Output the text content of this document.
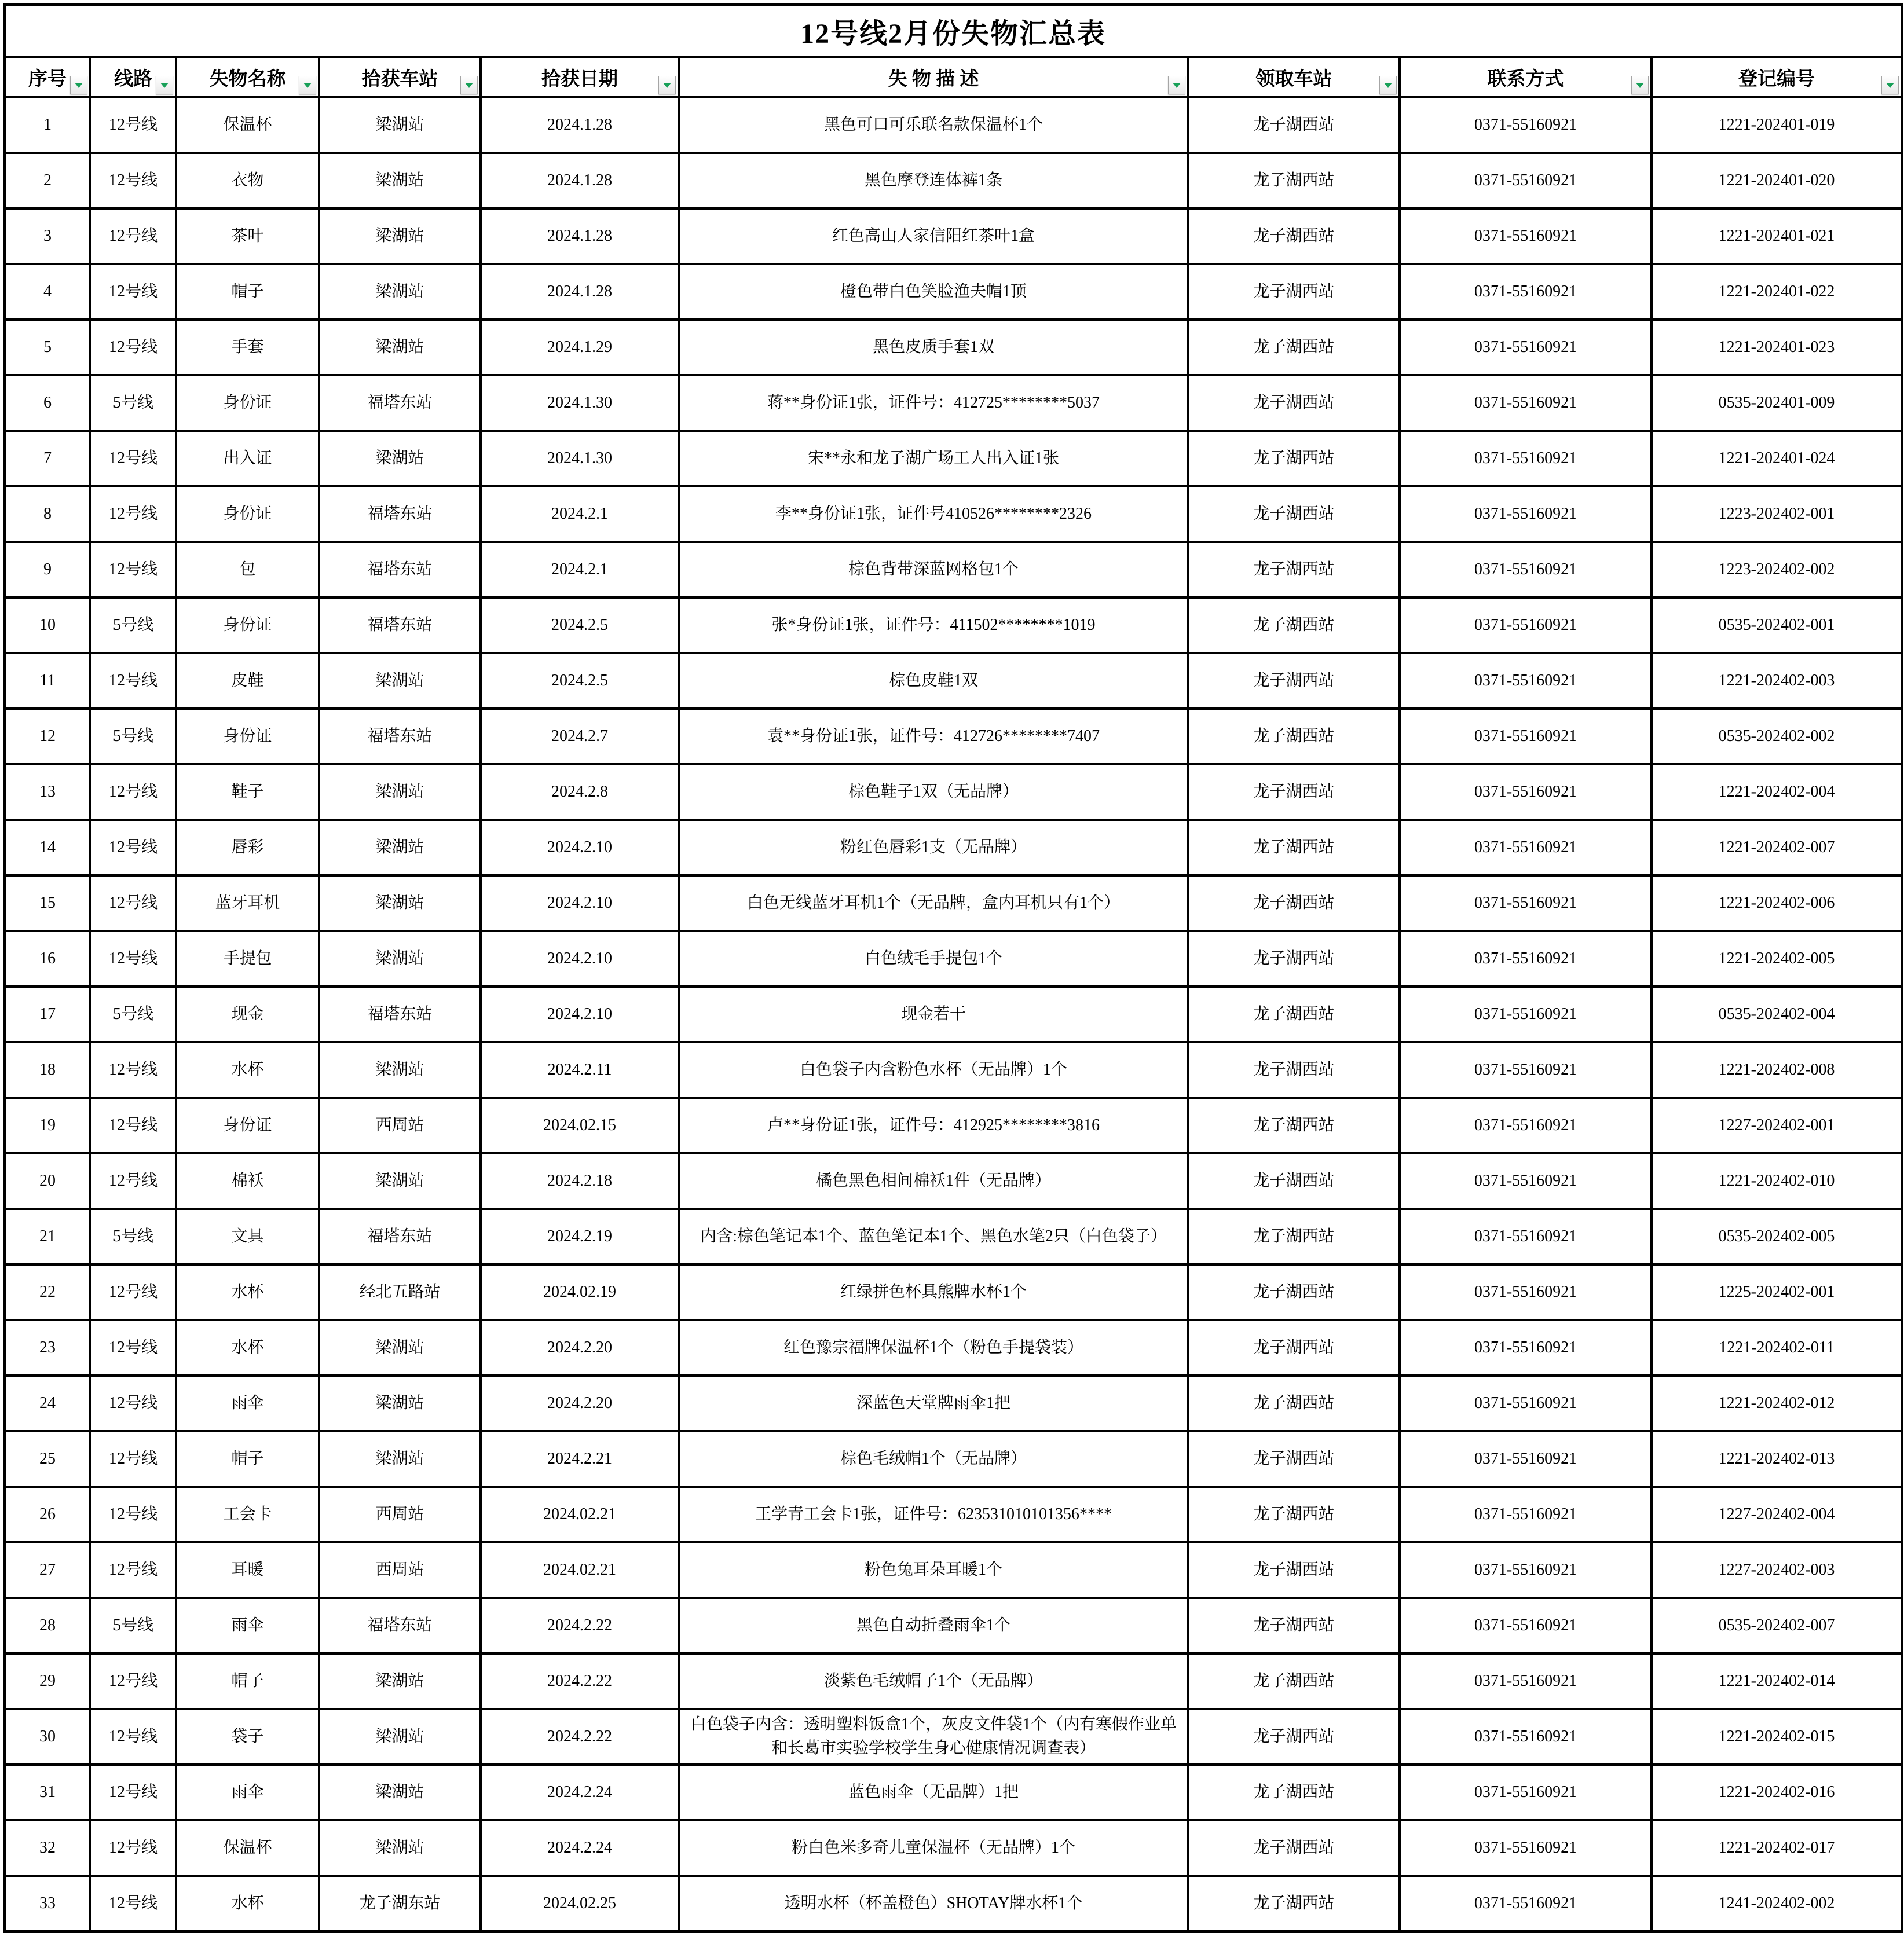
12号线2月份失物汇总表								
序号	线路	失物名称	拾获车站	拾获日期	失 物 描 述	领取车站	联系方式	登记编号

1	12号线	保温杯	梁湖站	2024.1.28	黑色可口可乐联名款保温杯1个	龙子湖西站	0371-55160921	1221-202401-019
2	12号线	衣物	梁湖站	2024.1.28	黑色摩登连体裤1条	龙子湖西站	0371-55160921	1221-202401-020
3	12号线	茶叶	梁湖站	2024.1.28	红色高山人家信阳红茶叶1盒	龙子湖西站	0371-55160921	1221-202401-021
4	12号线	帽子	梁湖站	2024.1.28	橙色带白色笑脸渔夫帽1顶	龙子湖西站	0371-55160921	1221-202401-022
5	12号线	手套	梁湖站	2024.1.29	黑色皮质手套1双	龙子湖西站	0371-55160921	1221-202401-023
6	5号线	身份证	福塔东站	2024.1.30	蒋**身份证1张，证件号：412725********5037	龙子湖西站	0371-55160921	0535-202401-009
7	12号线	出入证	梁湖站	2024.1.30	宋**永和龙子湖广场工人出入证1张	龙子湖西站	0371-55160921	1221-202401-024
8	12号线	身份证	福塔东站	2024.2.1	李**身份证1张，证件号410526********2326	龙子湖西站	0371-55160921	1223-202402-001
9	12号线	包	福塔东站	2024.2.1	棕色背带深蓝网格包1个	龙子湖西站	0371-55160921	1223-202402-002
10	5号线	身份证	福塔东站	2024.2.5	张*身份证1张，证件号：411502********1019	龙子湖西站	0371-55160921	0535-202402-001
11	12号线	皮鞋	梁湖站	2024.2.5	棕色皮鞋1双	龙子湖西站	0371-55160921	1221-202402-003
12	5号线	身份证	福塔东站	2024.2.7	袁**身份证1张，证件号：412726********7407	龙子湖西站	0371-55160921	0535-202402-002
13	12号线	鞋子	梁湖站	2024.2.8	棕色鞋子1双（无品牌）	龙子湖西站	0371-55160921	1221-202402-004
14	12号线	唇彩	梁湖站	2024.2.10	粉红色唇彩1支（无品牌）	龙子湖西站	0371-55160921	1221-202402-007
15	12号线	蓝牙耳机	梁湖站	2024.2.10	白色无线蓝牙耳机1个（无品牌，盒内耳机只有1个）	龙子湖西站	0371-55160921	1221-202402-006
16	12号线	手提包	梁湖站	2024.2.10	白色绒毛手提包1个	龙子湖西站	0371-55160921	1221-202402-005
17	5号线	现金	福塔东站	2024.2.10	现金若干	龙子湖西站	0371-55160921	0535-202402-004
18	12号线	水杯	梁湖站	2024.2.11	白色袋子内含粉色水杯（无品牌）1个	龙子湖西站	0371-55160921	1221-202402-008
19	12号线	身份证	西周站	2024.02.15	卢**身份证1张，证件号：412925********3816	龙子湖西站	0371-55160921	1227-202402-001
20	12号线	棉袄	梁湖站	2024.2.18	橘色黑色相间棉袄1件（无品牌）	龙子湖西站	0371-55160921	1221-202402-010
21	5号线	文具	福塔东站	2024.2.19	内含:棕色笔记本1个、蓝色笔记本1个、黑色水笔2只（白色袋子）	龙子湖西站	0371-55160921	0535-202402-005
22	12号线	水杯	经北五路站	2024.02.19	红绿拼色杯具熊牌水杯1个	龙子湖西站	0371-55160921	1225-202402-001
23	12号线	水杯	梁湖站	2024.2.20	红色豫宗福牌保温杯1个（粉色手提袋装）	龙子湖西站	0371-55160921	1221-202402-011
24	12号线	雨伞	梁湖站	2024.2.20	深蓝色天堂牌雨伞1把	龙子湖西站	0371-55160921	1221-202402-012
25	12号线	帽子	梁湖站	2024.2.21	棕色毛绒帽1个（无品牌）	龙子湖西站	0371-55160921	1221-202402-013
26	12号线	工会卡	西周站	2024.02.21	王学青工会卡1张，证件号：623531010101356****	龙子湖西站	0371-55160921	1227-202402-004
27	12号线	耳暖	西周站	2024.02.21	粉色兔耳朵耳暖1个	龙子湖西站	0371-55160921	1227-202402-003
28	5号线	雨伞	福塔东站	2024.2.22	黑色自动折叠雨伞1个	龙子湖西站	0371-55160921	0535-202402-007
29	12号线	帽子	梁湖站	2024.2.22	淡紫色毛绒帽子1个（无品牌）	龙子湖西站	0371-55160921	1221-202402-014
30	12号线	袋子	梁湖站	2024.2.22	白色袋子内含：透明塑料饭盒1个，灰皮文件袋1个（内有寒假作业单和长葛市实验学校学生身心健康情况调查表）	龙子湖西站	0371-55160921	1221-202402-015
31	12号线	雨伞	梁湖站	2024.2.24	蓝色雨伞（无品牌）1把	龙子湖西站	0371-55160921	1221-202402-016
32	12号线	保温杯	梁湖站	2024.2.24	粉白色米多奇儿童保温杯（无品牌）1个	龙子湖西站	0371-55160921	1221-202402-017
33	12号线	水杯	龙子湖东站	2024.02.25	透明水杯（杯盖橙色）SHOTAY牌水杯1个	龙子湖西站	0371-55160921	1241-202402-002
